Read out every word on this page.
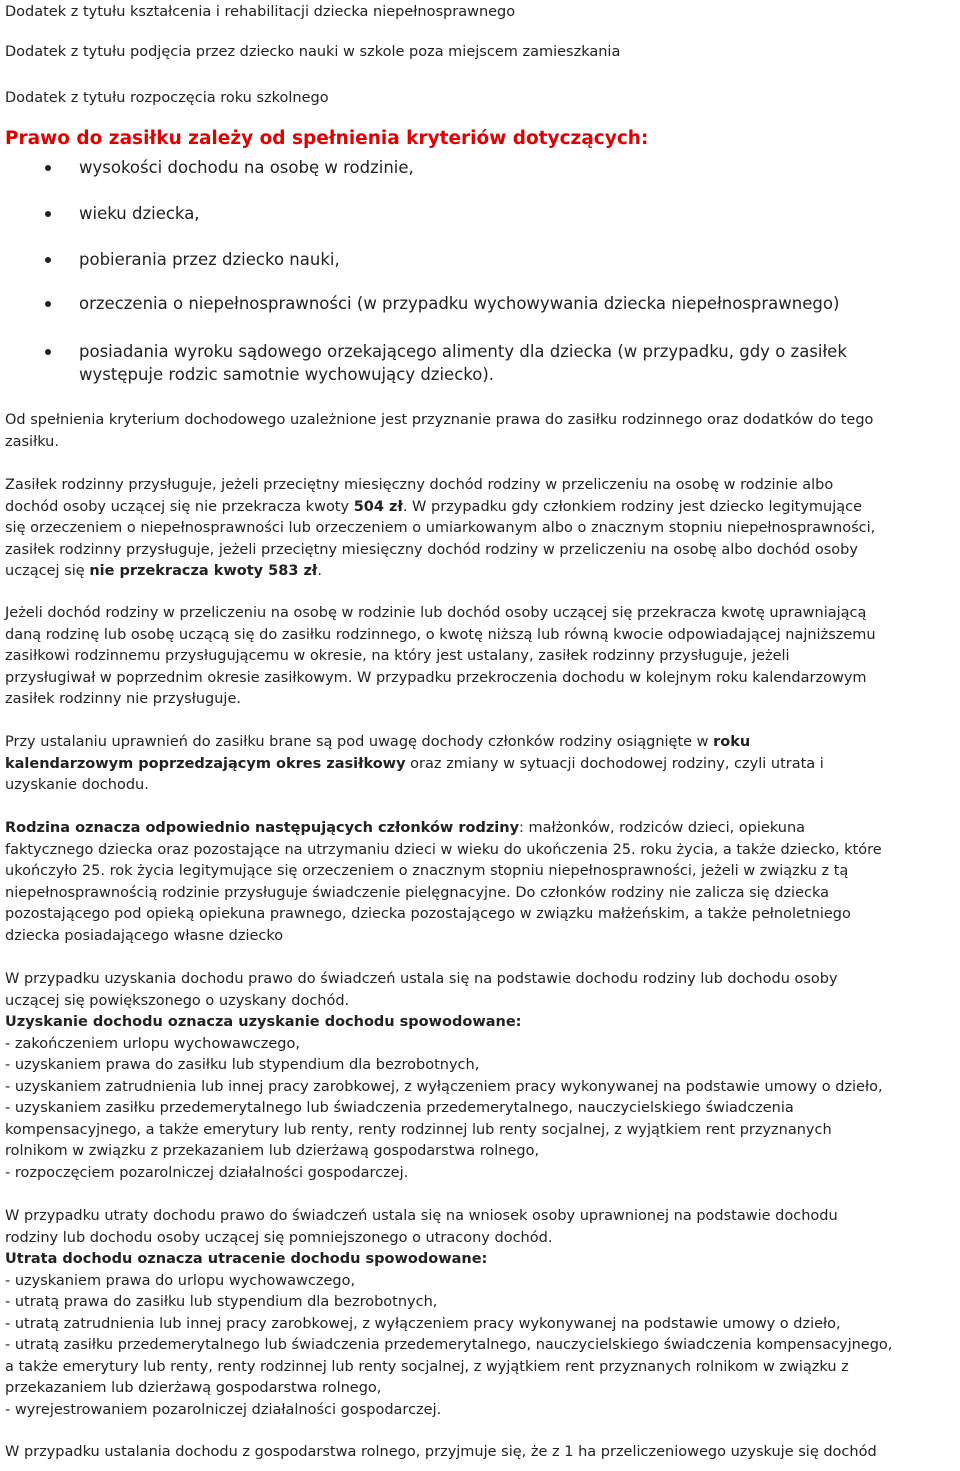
Dodatek z tytułu kształcenia i rehabilitacji dziecka niepełnosprawnego
Dodatek z tytułu podjęcia przez dziecko nauki w szkole poza miejscem zamieszkania
Dodatek z tytułu rozpoczęcia roku szkolnego
Prawo do zasiłku zależy od spełnienia kryteriów dotyczących:
wysokości dochodu na osobę w rodzinie,
wieku dziecka,
pobierania przez dziecko nauki,
orzeczenia o niepełnosprawności (w przypadku wychowywania dziecka niepełnosprawnego)
posiadania wyroku sądowego orzekającego alimenty dla dziecka (w przypadku, gdy o zasiłek
występuje rodzic samotnie wychowujący dziecko).
Od spełnienia kryterium dochodowego uzależnione jest przyznanie prawa do zasiłku rodzinnego oraz dodatków do tego
zasiłku.
Zasiłek rodzinny przysługuje, jeżeli przeciętny miesięczny dochód rodziny w przeliczeniu na osobę w rodzinie albo
dochód osoby uczącej się nie przekracza kwoty 504 zł. W przypadku gdy członkiem rodziny jest dziecko legitymujące
się orzeczeniem o niepełnosprawności lub orzeczeniem o umiarkowanym albo o znacznym stopniu niepełnosprawności,
zasiłek rodzinny przysługuje, jeżeli przeciętny miesięczny dochód rodziny w przeliczeniu na osobę albo dochód osoby
uczącej się nie przekracza kwoty 583 zł.
Jeżeli dochód rodziny w przeliczeniu na osobę w rodzinie lub dochód osoby uczącej się przekracza kwotę uprawniającą
daną rodzinę lub osobę uczącą się do zasiłku rodzinnego, o kwotę niższą lub równą kwocie odpowiadającej najniższemu
zasiłkowi rodzinnemu przysługującemu w okresie, na który jest ustalany, zasiłek rodzinny przysługuje, jeżeli
przysługiwał w poprzednim okresie zasiłkowym. W przypadku przekroczenia dochodu w kolejnym roku kalendarzowym
zasiłek rodzinny nie przysługuje.
Przy ustalaniu uprawnień do zasiłku brane są pod uwagę dochody członków rodziny osiągnięte w roku
kalendarzowym poprzedzającym okres zasiłkowy oraz zmiany w sytuacji dochodowej rodziny, czyli utrata i
uzyskanie dochodu.
Rodzina oznacza odpowiednio następujących członków rodziny: małżonków, rodziców dzieci, opiekuna
faktycznego dziecka oraz pozostające na utrzymaniu dzieci w wieku do ukończenia 25. roku życia, a także dziecko, które
ukończyło 25. rok życia legitymujące się orzeczeniem o znacznym stopniu niepełnosprawności, jeżeli w związku z tą
niepełnosprawnością rodzinie przysługuje świadczenie pielęgnacyjne. Do członków rodziny nie zalicza się dziecka
pozostającego pod opieką opiekuna prawnego, dziecka pozostającego w związku małżeńskim, a także pełnoletniego
dziecka posiadającego własne dziecko
W przypadku uzyskania dochodu prawo do świadczeń ustala się na podstawie dochodu rodziny lub dochodu osoby
uczącej się powiększonego o uzyskany dochód.
Uzyskanie dochodu oznacza uzyskanie dochodu spowodowane:
- zakończeniem urlopu wychowawczego,
- uzyskaniem prawa do zasiłku lub stypendium dla bezrobotnych,
- uzyskaniem zatrudnienia lub innej pracy zarobkowej, z wyłączeniem pracy wykonywanej na podstawie umowy o dzieło,
- uzyskaniem zasiłku przedemerytalnego lub świadczenia przedemerytalnego, nauczycielskiego świadczenia
kompensacyjnego, a także emerytury lub renty, renty rodzinnej lub renty socjalnej, z wyjątkiem rent przyznanych
rolnikom w związku z przekazaniem lub dzierżawą gospodarstwa rolnego,
- rozpoczęciem pozarolniczej działalności gospodarczej.
W przypadku utraty dochodu prawo do świadczeń ustala się na wniosek osoby uprawnionej na podstawie dochodu
rodziny lub dochodu osoby uczącej się pomniejszonego o utracony dochód.
Utrata dochodu oznacza utracenie dochodu spowodowane:
- uzyskaniem prawa do urlopu wychowawczego,
- utratą prawa do zasiłku lub stypendium dla bezrobotnych,
- utratą zatrudnienia lub innej pracy zarobkowej, z wyłączeniem pracy wykonywanej na podstawie umowy o dzieło,
- utratą zasiłku przedemerytalnego lub świadczenia przedemerytalnego, nauczycielskiego świadczenia kompensacyjnego,
a także emerytury lub renty, renty rodzinnej lub renty socjalnej, z wyjątkiem rent przyznanych rolnikom w związku z
przekazaniem lub dzierżawą gospodarstwa rolnego,
- wyrejestrowaniem pozarolniczej działalności gospodarczej.
W przypadku ustalania dochodu z gospodarstwa rolnego, przyjmuje się, że z 1 ha przeliczeniowego uzyskuje się dochód
